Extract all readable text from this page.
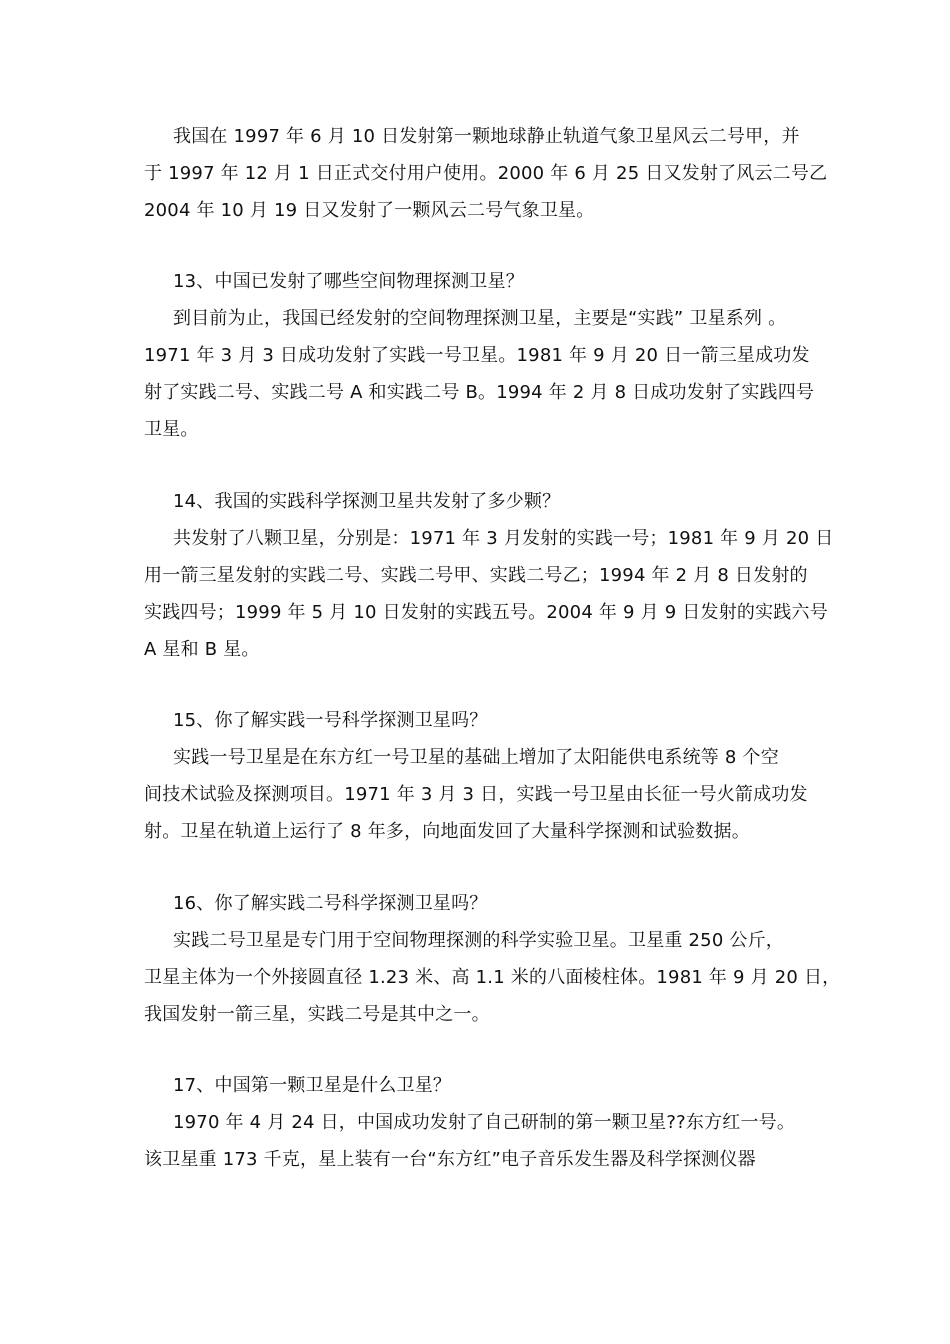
我国在 1997 年 6 月 10 日发射第一颗地球静止轨道气象卫星风云二号甲，并
于 1997 年 12 月 1 日正式交付用户使用。2000 年 6 月 25 日又发射了风云二号乙
2004 年 10 月 19 日又发射了一颗风云二号气象卫星。
13、中国已发射了哪些空间物理探测卫星？
到目前为止，我国已经发射的空间物理探测卫星，主要是“实践” 卫星系列 。
1971 年 3 月 3 日成功发射了实践一号卫星。1981 年 9 月 20 日一箭三星成功发
射了实践二号、实践二号 A 和实践二号 B。1994 年 2 月 8 日成功发射了实践四号
卫星。
14、我国的实践科学探测卫星共发射了多少颗？
共发射了八颗卫星，分别是：1971 年 3 月发射的实践一号；1981 年 9 月 20 日
用一箭三星发射的实践二号、实践二号甲、实践二号乙；1994 年 2 月 8 日发射的
实践四号；1999 年 5 月 10 日发射的实践五号。2004 年 9 月 9 日发射的实践六号
A 星和 B 星。
15、你了解实践一号科学探测卫星吗？
实践一号卫星是在东方红一号卫星的基础上增加了太阳能供电系统等 8 个空
间技术试验及探测项目。1971 年 3 月 3 日，实践一号卫星由长征一号火箭成功发
射。卫星在轨道上运行了 8 年多，向地面发回了大量科学探测和试验数据。
16、你了解实践二号科学探测卫星吗？
实践二号卫星是专门用于空间物理探测的科学实验卫星。卫星重 250 公斤，
卫星主体为一个外接圆直径 1.23 米、高 1.1 米的八面棱柱体。1981 年 9 月 20 日，
我国发射一箭三星，实践二号是其中之一。
17、中国第一颗卫星是什么卫星？
1970 年 4 月 24 日，中国成功发射了自己研制的第一颗卫星??东方红一号。
该卫星重 173 千克，星上装有一台“东方红”电子音乐发生器及科学探测仪器
